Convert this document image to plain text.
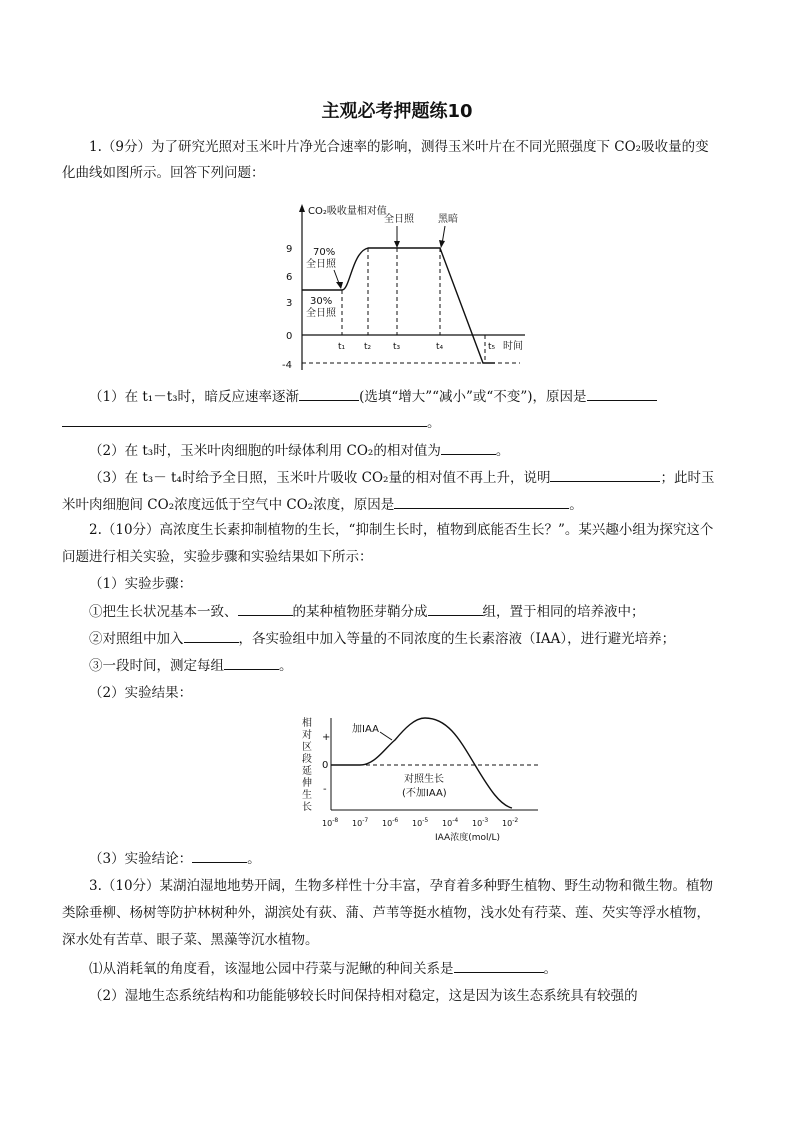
主观必考押题练10
1.（9分）为了研究光照对玉米叶片净光合速率的影响，测得玉米叶片在不同光照强度下 CO₂吸收量的变
化曲线如图所示。回答下列问题：
CO₂吸收量相对值
9
6
3
0
-4
全日照 黑暗
70%
全日照
30%
全日照
t₁ t₂ t₃	t₄	t₅ 时间
（1）在 t₁－t₃时，暗反应速率逐渐	(选填“增大”“减小”或“不变”)，原因是
。
（2）在 t₃时，玉米叶肉细胞的叶绿体利用 CO₂的相对值为	。
（3）在 t₃－ t₄时给予全日照，玉米叶片吸收 CO₂量的相对值不再上升，说明	；此时玉
米叶肉细胞间 CO₂浓度远低于空气中 CO₂浓度，原因是	。
2.（10分）高浓度生长素抑制植物的生长，“抑制生长时，植物到底能否生长？”。某兴趣小组为探究这个
问题进行相关实验，实验步骤和实验结果如下所示：
（1）实验步骤：
①把生长状况基本一致、	的某种植物胚芽鞘分成	组，置于相同的培养液中；
②对照组中加入	，各实验组中加入等量的不同浓度的生长素溶液（IAA），进行避光培养；
③一段时间，测定每组	。
（2）实验结果：
相
对
区
段
延
伸
生
长
+
0
-
加IAA
对照生长
(不加IAA)
$10^{-8}$ $10^{-7}$ $10^{-6}$ $10^{-5}$ $10^{-4}$ $10^{-3}$ $10^{-2}$
IAA浓度(mol/L)
（3）实验结论：	。
3.（10分）某湖泊湿地地势开阔，生物多样性十分丰富，孕育着多种野生植物、野生动物和微生物。植物
类除垂柳、杨树等防护林树种外，湖滨处有荻、蒲、芦苇等挺水植物，浅水处有荇菜、莲、芡实等浮水植物，
深水处有苦草、眼子菜、黑藻等沉水植物。
⑴从消耗氧的角度看，该湿地公园中荇菜与泥鳅的种间关系是	。
（2）湿地生态系统结构和功能能够较长时间保持相对稳定，这是因为该生态系统具有较强的
